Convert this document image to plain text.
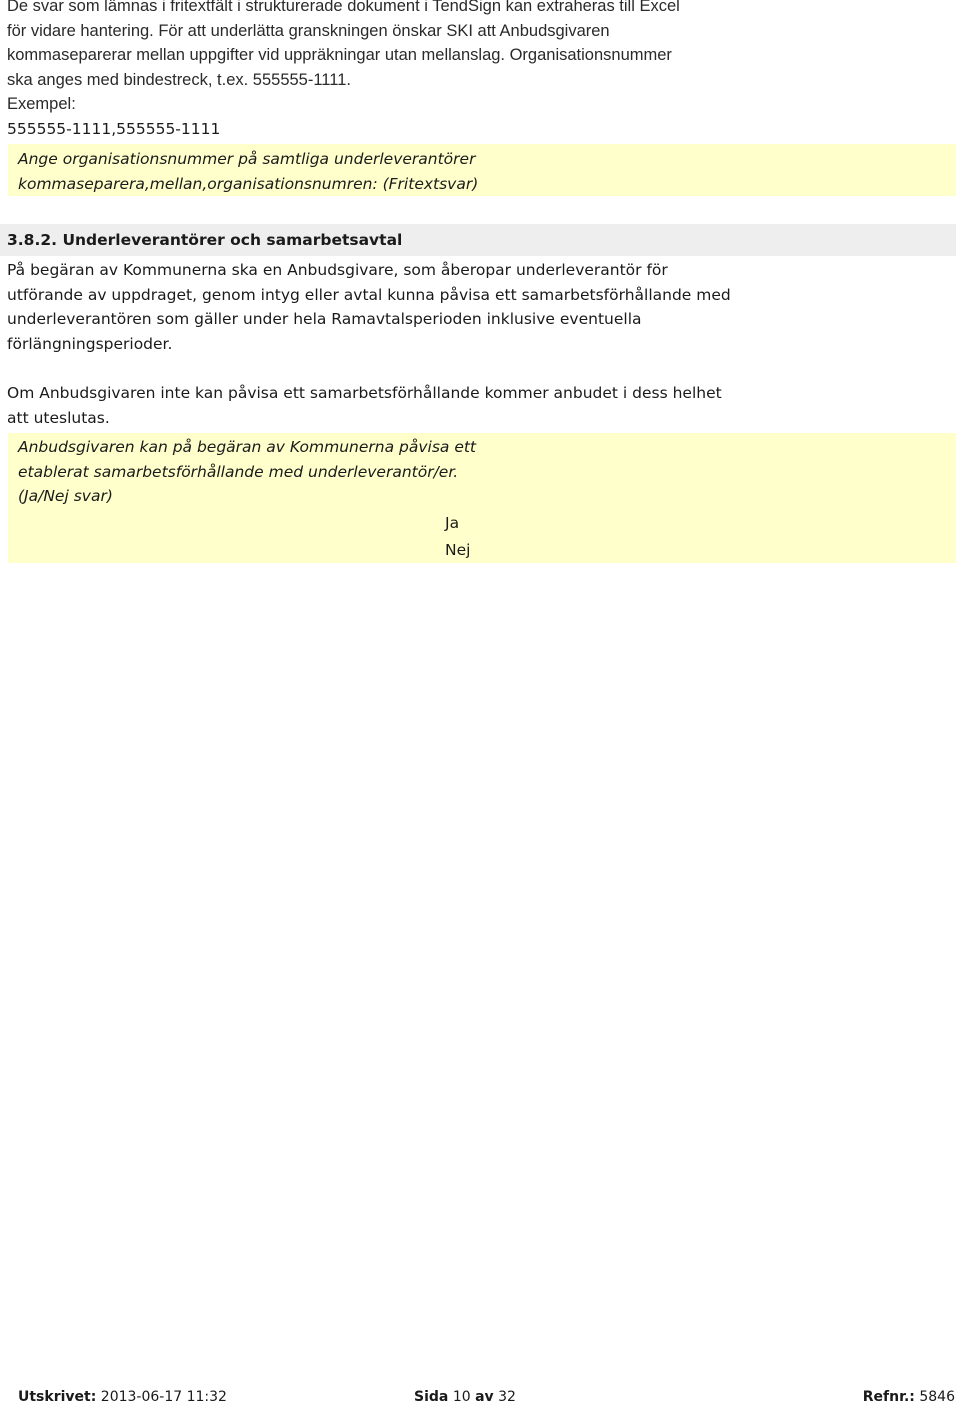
De svar som lämnas i fritextfält i strukturerade dokument i TendSign kan extraheras till Excel
för vidare hantering. För att underlätta granskningen önskar SKI att Anbudsgivaren
kommaseparerar mellan uppgifter vid uppräkningar utan mellanslag. Organisationsnummer
ska anges med bindestreck, t.ex. 555555-1111.
Exempel:
555555-1111,555555-1111
Ange organisationsnummer på samtliga underleverantörer
kommaseparera,mellan,organisationsnumren: (Fritextsvar)
3.8.2. Underleverantörer och samarbetsavtal
På begäran av Kommunerna ska en Anbudsgivare, som åberopar underleverantör för
utförande av uppdraget, genom intyg eller avtal kunna påvisa ett samarbetsförhållande med
underleverantören som gäller under hela Ramavtalsperioden inklusive eventuella
förlängningsperioder.
Om Anbudsgivaren inte kan påvisa ett samarbetsförhållande kommer anbudet i dess helhet
att uteslutas.
Anbudsgivaren kan på begäran av Kommunerna påvisa ett
etablerat samarbetsförhållande med underleverantör/er.
(Ja/Nej svar)
Ja
Nej
Utskrivet: 2013-06-17 11:32	Sida 10 av 32	Refnr.: 5846
